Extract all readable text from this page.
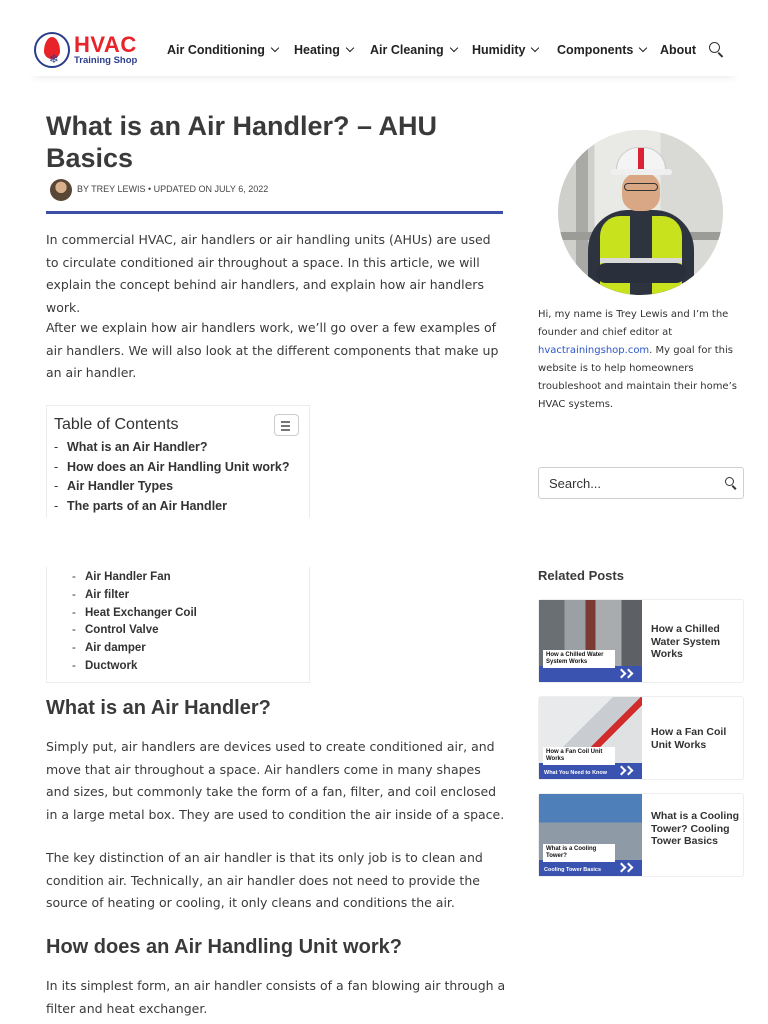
❄
HVAC
Training Shop
Air Conditioning	Heating	Air Cleaning	Humidity	Components	About
What is an Air Handler? – AHU Basics
BY TREY LEWIS • UPDATED ON JULY 6, 2022

In commercial HVAC, air handlers or air handling units (AHUs) are used to circulate conditioned air throughout a space. In this article, we will explain the concept behind air handlers, and explain how air handlers work.

After we explain how air handlers work, we’ll go over a few examples of air handlers. We will also look at the different components that make up an air handler.

Table of Contents
- What is an Air Handler?
- How does an Air Handling Unit work?
- Air Handler Types
- The parts of an Air Handler
- Air Handler Fan
- Air filter
- Heat Exchanger Coil
- Control Valve
- Air damper
- Ductwork
What is an Air Handler?

Simply put, air handlers are devices used to create conditioned air, and move that air throughout a space. Air handlers come in many shapes and sizes, but commonly take the form of a fan, filter, and coil enclosed in a large metal box. They are used to condition the air inside of a space.

The key distinction of an air handler is that its only job is to clean and condition air. Technically, an air handler does not need to provide the source of heating or cooling, it only cleans and conditions the air.

How does an Air Handling Unit work?

In its simplest form, an air handler consists of a fan blowing air through a filter and heat exchanger.

Hi, my name is Trey Lewis and I’m the founder and chief editor at hvactrainingshop.com. My goal for this website is to help homeowners troubleshoot and maintain their home’s HVAC systems.

Search...
Related Posts
How a Chilled Water System Works
How a Chilled Water System Works
How a Fan Coil Unit Works
What You Need to Know
How a Fan Coil Unit Works
What is a Cooling Tower?
Cooling Tower Basics
What is a Cooling Tower? Cooling Tower Basics
